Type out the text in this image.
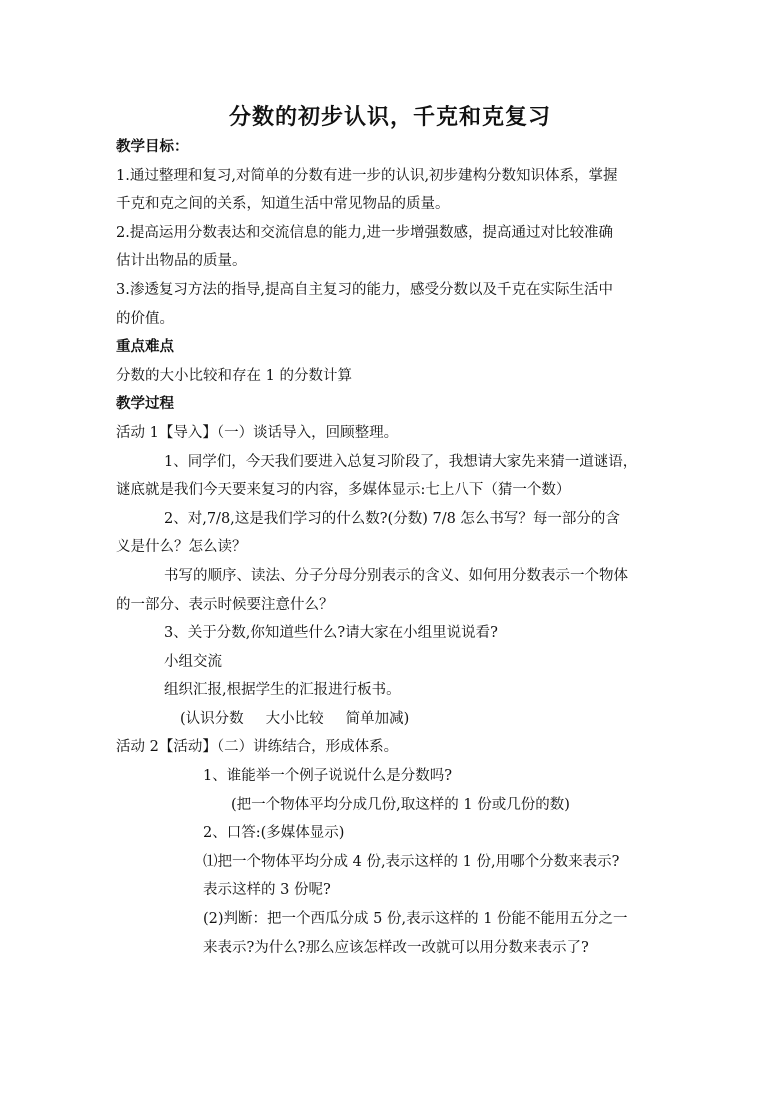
分数的初步认识，千克和克复习

教学目标：

1.通过整理和复习,对简单的分数有进一步的认识,初步建构分数知识体系，掌握

千克和克之间的关系，知道生活中常见物品的质量。

2.提高运用分数表达和交流信息的能力,进一步增强数感，提高通过对比较准确

估计出物品的质量。

3.渗透复习方法的指导,提高自主复习的能力，感受分数以及千克在实际生活中

的价值。

重点难点

分数的大小比较和存在 1 的分数计算

教学过程

活动 1【导入】（一）谈话导入，回顾整理。

1、同学们，今天我们要进入总复习阶段了，我想请大家先来猜一道谜语，

谜底就是我们今天要来复习的内容，多媒体显示:七上八下（猜一个数）

2、对,7/8,这是我们学习的什么数?(分数) 7/8 怎么书写？每一部分的含

义是什么？怎么读？

书写的顺序、读法、分子分母分别表示的含义、如何用分数表示一个物体

的一部分、表示时候要注意什么？

3、关于分数,你知道些什么?请大家在小组里说说看?

小组交流

组织汇报,根据学生的汇报进行板书。

(认识分数 大小比较 简单加减)

活动 2【活动】（二）讲练结合，形成体系。

1、谁能举一个例子说说什么是分数吗?

(把一个物体平均分成几份,取这样的 1 份或几份的数)

2、口答:(多媒体显示)

⑴把一个物体平均分成 4 份,表示这样的 1 份,用哪个分数来表示?

表示这样的 3 份呢?

(2)判断：把一个西瓜分成 5 份,表示这样的 1 份能不能用五分之一

来表示?为什么?那么应该怎样改一改就可以用分数来表示了?
